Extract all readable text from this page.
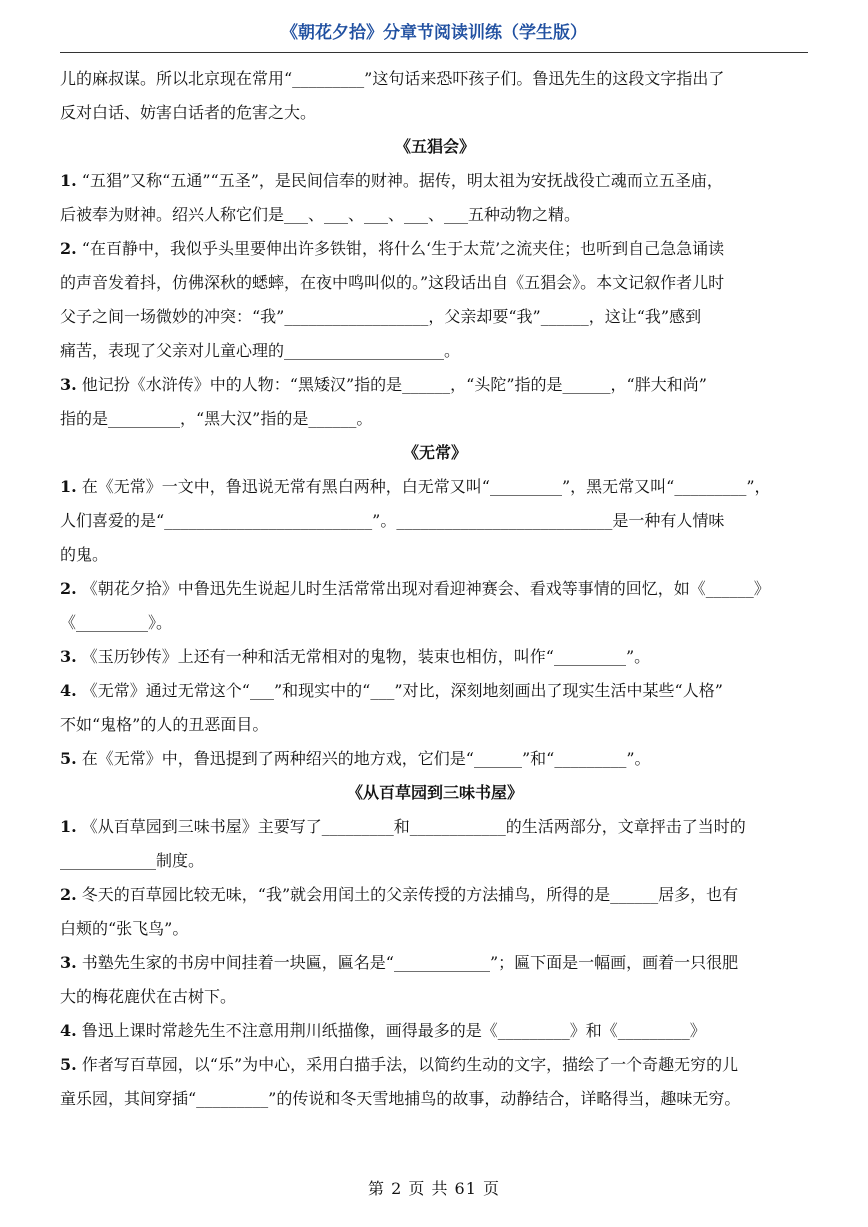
《朝花夕拾》分章节阅读训练（学生版）

儿的麻叔谋。所以北京现在常用“_________”这句话来恐吓孩子们。鲁迅先生的这段文字指出了
反对白话、妨害白话者的危害之大。

《五猖会》

1. “五猖”又称“五通”“五圣”，是民间信奉的财神。据传，明太祖为安抚战役亡魂而立五圣庙，
后被奉为财神。绍兴人称它们是___、___、___、___、___五种动物之精。

2. “在百静中，我似乎头里要伸出许多铁钳，将什么‘生于太荒’之流夹住；也听到自己急急诵读
的声音发着抖，仿佛深秋的蟋蟀，在夜中鸣叫似的。”这段话出自《五猖会》。本文记叙作者儿时
父子之间一场微妙的冲突：“我”__________________，父亲却要“我”______，这让“我”感到
痛苦，表现了父亲对儿童心理的____________________。

3. 他记扮《水浒传》中的人物：“黑矮汉”指的是______，“头陀”指的是______，“胖大和尚”
指的是_________，“黑大汉”指的是______。

《无常》

1. 在《无常》一文中，鲁迅说无常有黑白两种，白无常又叫“_________”，黑无常又叫“_________”，
人们喜爱的是“__________________________”。___________________________是一种有人情味
的鬼。

2. 《朝花夕拾》中鲁迅先生说起儿时生活常常出现对看迎神赛会、看戏等事情的回忆，如《______》
《_________》。

3. 《玉历钞传》上还有一种和活无常相对的鬼物，装束也相仿，叫作“_________”。

4. 《无常》通过无常这个“___”和现实中的“___”对比，深刻地刻画出了现实生活中某些“人格”
不如“鬼格”的人的丑恶面目。

5. 在《无常》中，鲁迅提到了两种绍兴的地方戏，它们是“______”和“_________”。

《从百草园到三味书屋》

1. 《从百草园到三味书屋》主要写了_________和____________的生活两部分，文章抨击了当时的
____________制度。

2. 冬天的百草园比较无味，“我”就会用闰土的父亲传授的方法捕鸟，所得的是______居多，也有
白颊的“张飞鸟”。

3. 书塾先生家的书房中间挂着一块匾，匾名是“____________”；匾下面是一幅画，画着一只很肥
大的梅花鹿伏在古树下。

4. 鲁迅上课时常趁先生不注意用荆川纸描像，画得最多的是《_________》和《_________》

5. 作者写百草园，以“乐”为中心，采用白描手法，以简约生动的文字，描绘了一个奇趣无穷的儿
童乐园，其间穿插“_________”的传说和冬天雪地捕鸟的故事，动静结合，详略得当，趣味无穷。

第 2 页 共 61 页
